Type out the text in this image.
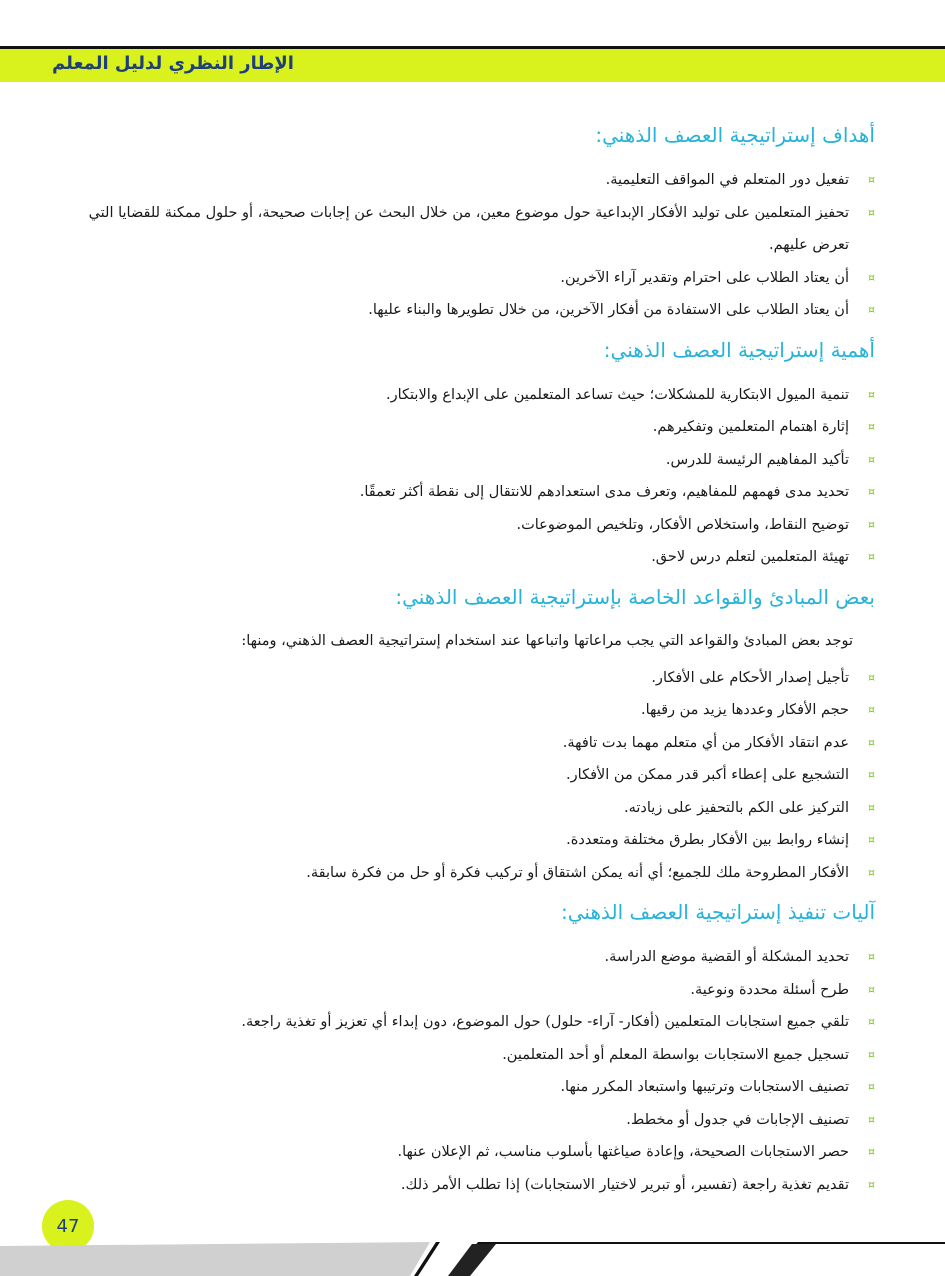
الإطار النظري لدليل المعلم
أهداف إستراتيجية العصف الذهني:
¤
تفعيل دور المتعلم في المواقف التعليمية.
¤
تحفيز المتعلمين على توليد الأفكار الإبداعية حول موضوع معين، من خلال البحث عن إجابات صحيحة، أو حلول ممكنة للقضايا التي تعرض عليهم.
¤
أن يعتاد الطلاب على احترام وتقدير آراء الآخرين.
¤
أن يعتاد الطلاب على الاستفادة من أفكار الآخرين، من خلال تطويرها والبناء عليها.
أهمية إستراتيجية العصف الذهني:
¤
تنمية الميول الابتكارية للمشكلات؛ حيث تساعد المتعلمين على الإبداع والابتكار.
¤
إثارة اهتمام المتعلمين وتفكيرهم.
¤
تأكيد المفاهيم الرئيسة للدرس.
¤
تحديد مدى فهمهم للمفاهيم، وتعرف مدى استعدادهم للانتقال إلى نقطة أكثر تعمقًا.
¤
توضيح النقاط، واستخلاص الأفكار، وتلخيص الموضوعات.
¤
تهيئة المتعلمين لتعلم درس لاحق.
بعض المبادئ والقواعد الخاصة بإستراتيجية العصف الذهني:
توجد بعض المبادئ والقواعد التي يجب مراعاتها واتباعها عند استخدام إستراتيجية العصف الذهني، ومنها:
¤
تأجيل إصدار الأحكام على الأفكار.
¤
حجم الأفكار وعددها يزيد من رقيها.
¤
عدم انتقاد الأفكار من أي متعلم مهما بدت تافهة.
¤
التشجيع على إعطاء أكبر قدر ممكن من الأفكار.
¤
التركيز على الكم بالتحفيز على زيادته.
¤
إنشاء روابط بين الأفكار بطرق مختلفة ومتعددة.
¤
الأفكار المطروحة ملك للجميع؛ أي أنه يمكن اشتقاق أو تركيب فكرة أو حل من فكرة سابقة.
آليات تنفيذ إستراتيجية العصف الذهني:
¤
تحديد المشكلة أو القضية موضع الدراسة.
¤
طرح أسئلة محددة ونوعية.
¤
تلقي جميع استجابات المتعلمين (أفكار- آراء- حلول) حول الموضوع، دون إبداء أي تعزيز أو تغذية راجعة.
¤
تسجيل جميع الاستجابات بواسطة المعلم أو أحد المتعلمين.
¤
تصنيف الاستجابات وترتيبها واستبعاد المكرر منها.
¤
تصنيف الإجابات في جدول أو مخطط.
¤
حصر الاستجابات الصحيحة، وإعادة صياغتها بأسلوب مناسب، ثم الإعلان عنها.
¤
تقديم تغذية راجعة (تفسير، أو تبرير لاختيار الاستجابات) إذا تطلب الأمر ذلك.
47
